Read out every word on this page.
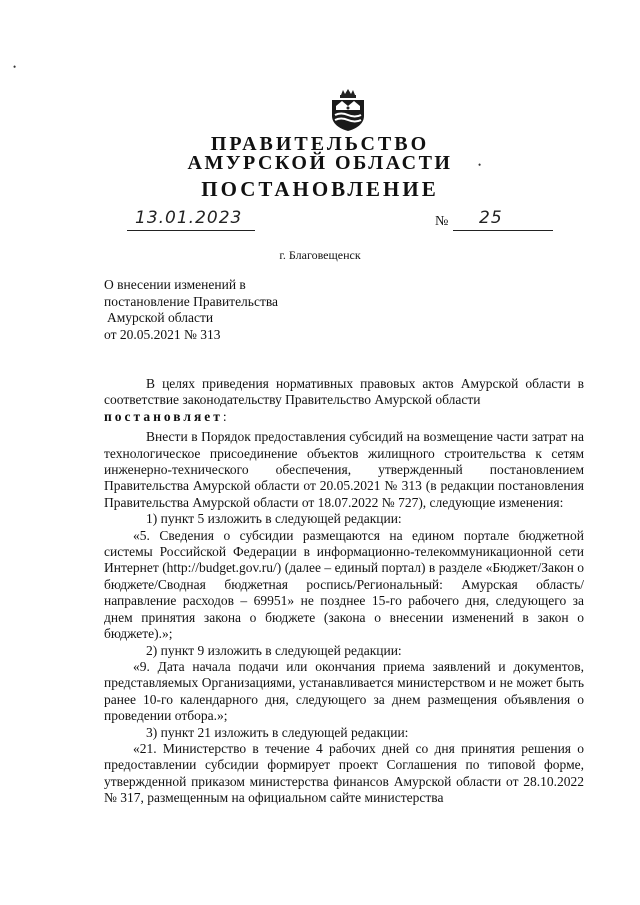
•
•
ПРАВИТЕЛЬСТВО
АМУРСКОЙ ОБЛАСТИ
ПОСТАНОВЛЕНИЕ
13.01.2023	№ 25
г. Благовещенск
О внесении изменений в
постановление Правительства
Амурской области
от 20.05.2021 № 313

В целях приведения нормативных правовых актов Амурской области в соответствие законодательству Правительство Амурской области

постановляет:

Внести в Порядок предоставления субсидий на возмещение части затрат на технологическое присоединение объектов жилищного строительства к сетям инженерно-технического обеспечения, утвержденный постановлением Правительства Амурской области от 20.05.2021 № 313 (в редакции постановления Правительства Амурской области от 18.07.2022 № 727), следующие изменения:

1) пункт 5 изложить в следующей редакции:

«5. Сведения о субсидии размещаются на едином портале бюджетной системы Российской Федерации в информационно-телекоммуникационной сети Интернет (http://budget.gov.ru/) (далее – единый портал) в разделе «Бюджет/Закон о бюджете/Сводная бюджетная роспись/Региональный: Амурская область/направление расходов – 69951» не позднее 15-го рабочего дня, следующего за днем принятия закона о бюджете (закона о внесении изменений в закон о бюджете).»;

2) пункт 9 изложить в следующей редакции:

«9. Дата начала подачи или окончания приема заявлений и документов, представляемых Организациями, устанавливается министерством и не может быть ранее 10-го календарного дня, следующего за днем размещения объявления о проведении отбора.»;

3) пункт 21 изложить в следующей редакции:

«21. Министерство в течение 4 рабочих дней со дня принятия решения о предоставлении субсидии формирует проект Соглашения по типовой форме, утвержденной приказом министерства финансов Амурской области от 28.10.2022 № 317, размещенным на официальном сайте министерства
